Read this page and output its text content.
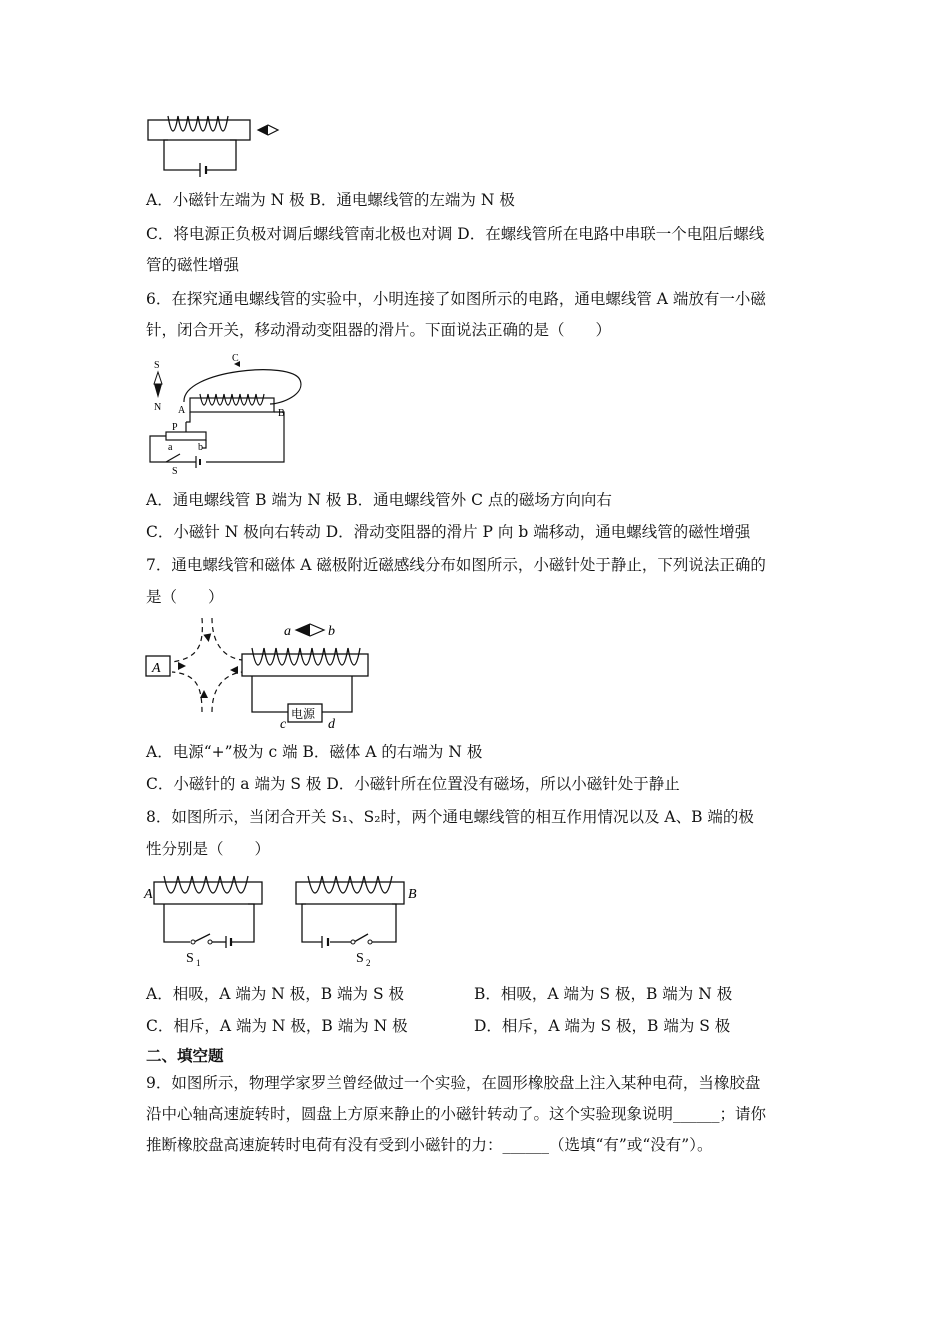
A．小磁针左端为 N 极 B．通电螺线管的左端为 N 极
C．将电源正负极对调后螺线管南北极也对调 D．在螺线管所在电路中串联一个电阻后螺线
管的磁性增强
6．在探究通电螺线管的实验中，小明连接了如图所示的电路，通电螺线管 A 端放有一小磁
针，闭合开关，移动滑动变阻器的滑片。下面说法正确的是（　　）
C
S
N A	B
P
a	b
S
A．通电螺线管 B 端为 N 极 B．通电螺线管外 C 点的磁场方向向右
C．小磁针 N 极向右转动 D．滑动变阻器的滑片 P 向 b 端移动，通电螺线管的磁性增强
7．通电螺线管和磁体 A 磁极附近磁感线分布如图所示，小磁针处于静止，下列说法正确的
是（　　）
A
电源
c	d
a	b
A．电源“+”极为 c 端 B．磁体 A 的右端为 N 极
C．小磁针的 a 端为 S 极 D．小磁针所在位置没有磁场，所以小磁针处于静止
8．如图所示，当闭合开关 S₁、S₂时，两个通电螺线管的相互作用情况以及 A、B 端的极
性分别是（　　）
A
S 1
B
S 2
A．相吸，A 端为 N 极，B 端为 S 极	B．相吸，A 端为 S 极，B 端为 N 极
C．相斥，A 端为 N 极，B 端为 N 极	D．相斥，A 端为 S 极，B 端为 S 极
二、填空题
9．如图所示，物理学家罗兰曾经做过一个实验，在圆形橡胶盘上注入某种电荷，当橡胶盘
沿中心轴高速旋转时，圆盘上方原来静止的小磁针转动了。这个实验现象说明______；请你
推断橡胶盘高速旋转时电荷有没有受到小磁针的力：______（选填“有”或“没有”）。
